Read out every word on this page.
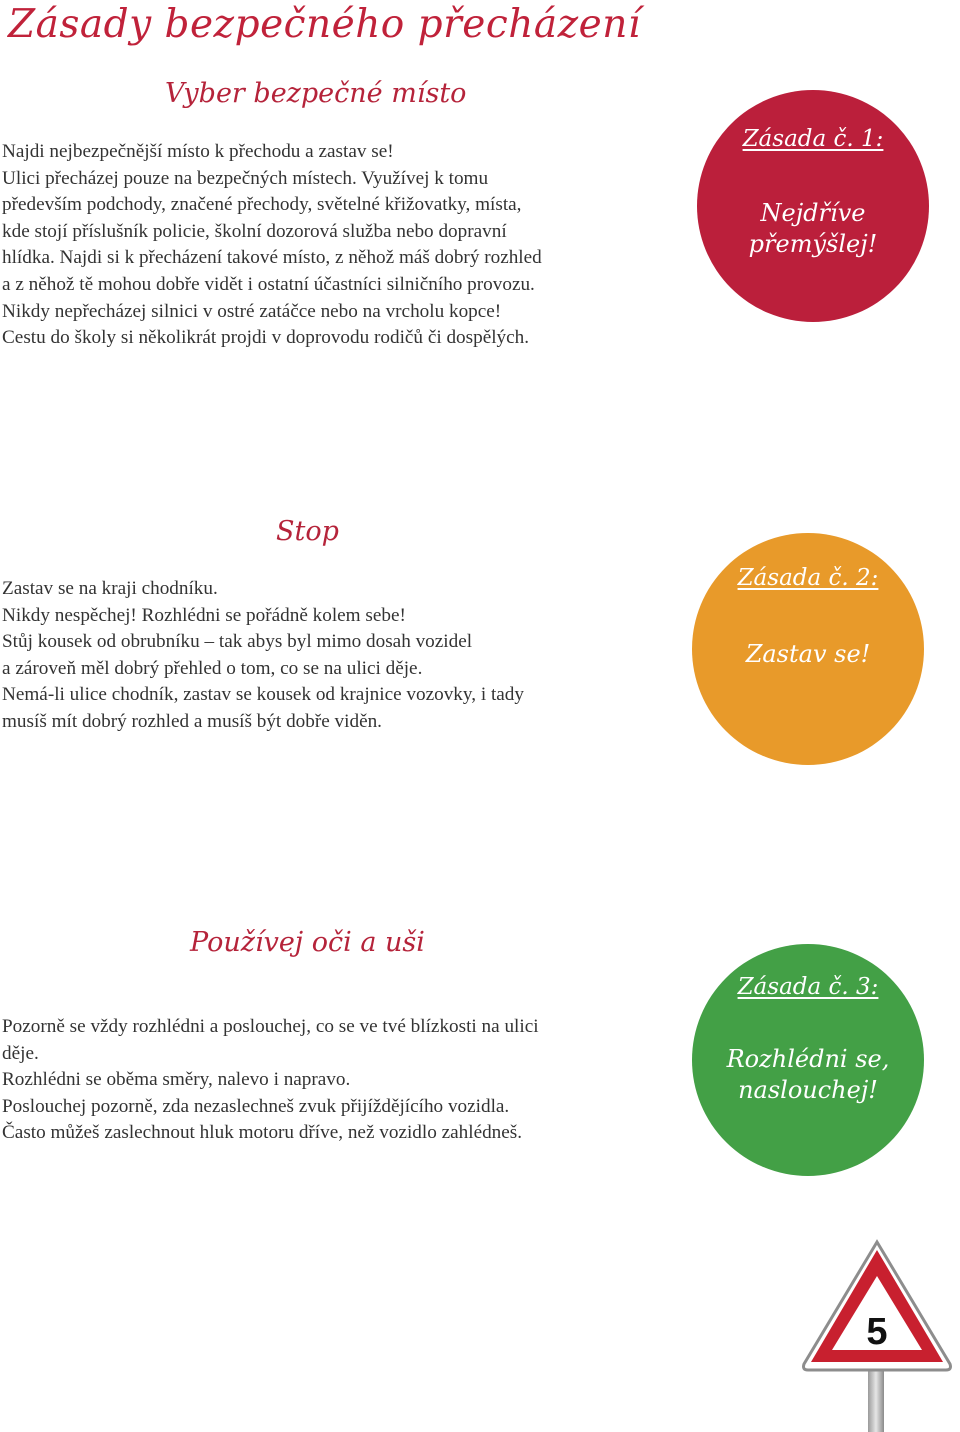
Zásady bezpečného přecházení
Vyber bezpečné místo

Najdi nejbezpečnější místo k přechodu a zastav se!
Ulici přecházej pouze na bezpečných místech. Využívej k tomu
především podchody, značené přechody, světelné křižovatky, místa,
kde stojí příslušník policie, školní dozorová služba nebo dopravní
hlídka. Najdi si k přecházení takové místo, z něhož máš dobrý rozhled
a z něhož tě mohou dobře vidět i ostatní účastníci silničního provozu.
Nikdy nepřecházej silnici v ostré zatáčce nebo na vrcholu kopce!
Cestu do školy si několikrát projdi v doprovodu rodičů či dospělých.

Zásada č. 1:
Nejdříve
přemýšlej!
Stop

Zastav se na kraji chodníku.
Nikdy nespěchej! Rozhlédni se pořádně kolem sebe!
Stůj kousek od obrubníku – tak abys byl mimo dosah vozidel
a zároveň měl dobrý přehled o tom, co se na ulici děje.
Nemá-li ulice chodník, zastav se kousek od krajnice vozovky, i tady
musíš mít dobrý rozhled a musíš být dobře viděn.

Zásada č. 2:
Zastav se!
Používej oči a uši

Pozorně se vždy rozhlédni a poslouchej, co se ve tvé blízkosti na ulici
děje.
Rozhlédni se oběma směry, nalevo i napravo.
Poslouchej pozorně, zda nezaslechneš zvuk přijíždějícího vozidla.
Často můžeš zaslechnout hluk motoru dříve, než vozidlo zahlédneš.

Zásada č. 3:
Rozhlédni se,
naslouchej!
5
